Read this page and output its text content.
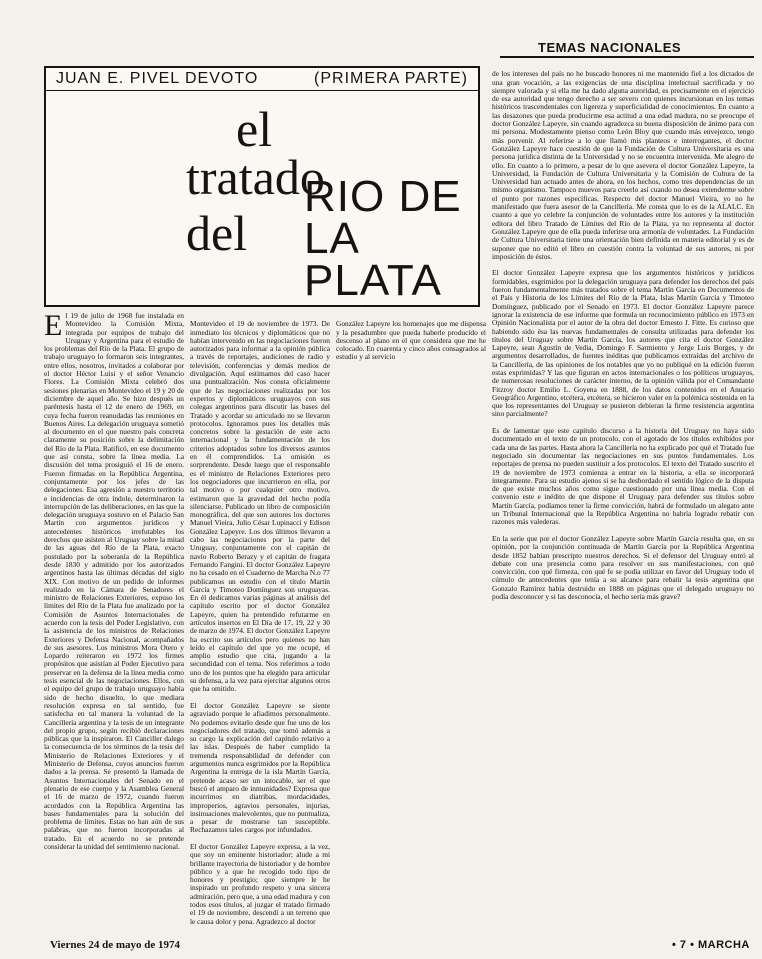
TEMAS NACIONALES
JUAN E. PIVEL DEVOTO	(PRIMERA PARTE)
el
tratado
del
RIO DE LA PLATA
El 19 de julio de 1968 fue instalada en Montevideo la Comisión Mixta, integrada por equipos de trabajo del Uruguay y Argentina para el estudio de los problemas del Río de la Plata. El grupo de trabajo uruguayo lo formaron seis integrantes, entre ellos, nosotros, invitados a colaborar por el doctor Héctor Luisi y el señor Venancio Flores. La Comisión Mixta celebró dos sesiones plenarias en Montevideo el 19 y 20 de diciembre de aquel año. Se hizo después un paréntesis hasta el 12 de enero de 1969, en cuya fecha fueron reanudadas las reuniones en Buenos Aires. La delegación uruguaya sometió al documento en el que nuestro país concreta claramente su posición sobre la delimitación del Río de la Plata. Ratificó, en ese documento que así consta, sobre la línea media. La discusión del tema prosiguió el 16 de enero. Fueron firmadas en la República Argentina, conjuntamente por los jefes de las delegaciones. Esa agresión a nuestro territorio e incidencias de otra índole, determinaron la interrupción de las deliberaciones, en las que la delegación uruguaya sostuvo en el Palacio San Martín con argumentos jurídicos y antecedentes históricos irrefutables los derechos que asisten al Uruguay sobre la mitad de las aguas del Río de la Plata, exacto postulado por la soberanía de la República desde 1830 y admitido por los autorizados argentinos hasta las últimas décadas del siglo XIX. Con motivo de un pedido de informes realizado en la Cámara de Senadores el ministro de Relaciones Exteriores, expuso los límites del Río de la Plata fue analizado por la Comisión de Asuntos Internacionales de acuerdo con la tesis del Poder Legislativo, con la asistencia de los ministros de Relaciones Exteriores y Defensa Nacional, acompañados de sus asesores. Los ministros Mora Otero y Lopardo reiteraron en 1972 los firmes propósitos que asistían al Poder Ejecutivo para preservar en la defensa de la línea media como tesis esencial de las negociaciones. Ellos, con el equipo del grupo de trabajo uruguayo había sido de hecho disuelto, lo que mediara resolución expresa en tal sentido, fue satisfecha en tal manera la voluntad de la Cancillería argentina y la tesis de un integrante del propio grupo, según recibió declaraciones públicas que la inspiraron. El Canciller dalego la consecuencia de los términos de la tesis del Ministerio de Relaciones Exteriores y el Ministerio de Defensa, cuyos anuncios fueron dados a la prensa. Se presentó la llamada de Asuntos Internacionales del Senado en el plenario de ese cuerpo y la Asamblea General el 16 de marzo de 1972, cuando fueron acordados con la República Argentina las bases fundamentales para la solución del problema de límites. Estas no han aún de sus palabras, que no fueron incorporadas al tratado. En el acuerdo no se pretende considerar la unidad del sentimiento nacional.

Montevideo el 19 de noviembre de 1973. De inmediato los técnicos y diplomáticos que no habían intervenido en las negociaciones fueron autorizados para informar a la opinión pública a través de reportajes, audiciones de radio y televisión, conferencias y demás medios de divulgación. Aquí estimamos del caso hacer una puntualización. Nos consta oficialmente que de las negociaciones realizadas por los expertos y diplomáticos uruguayos con sus colegas argentinos para discutir las bases del Tratado y acordar su articulado no se llevaron protocolos. Ignoramos pues los detalles más concretos sobre la gestación de este acto internacional y la fundamentación de los criterios adoptados sobre los diversos asuntos en él comprendidos. La omisión es sorprendente. Desde luego que el responsable es el ministro de Relaciones Exteriores pero los negociadores que incurrieron en ella, por tal motivo o por cualquier otro motivo, estimaron que la gravedad del hecho podía silenciarse. Publicado un libro de composición monográfica, del que son autores los doctores Manuel Vieira, Julio César Lupinacci y Edison González Lapeyre. Los dos últimos llevaron a cabo las negociaciones por la parte del Uruguay, conjuntamente con el capitán de navío Roberto Berazy y el capitán de fragata Fernando Fangini. El doctor González Lapeyre no ha cesado en el Cuaderno de Marcha N.o 77 publicamos un estudio con el título Martín García y Timoteo Domínguez son uruguayas. En él dedicamos varias páginas al análisis del capítulo escrito por el doctor González Lapeyre, quien ha pretendido refutarme en artículos insertos en El Día de 17, 19, 22 y 30 de marzo de 1974. El doctor González Lapeyre ha escrito sus artículos pero quienes no han leído el capítulo del que yo me ocupé, el amplio estudio que cita, jugando a la secundidad con el tema. Nos referimos a todo uno de los puntos que ha elegido para articular su defensa, a la vez para ejercitar algunos otros que ha omitido.

El doctor González Lapeyre se siente agraviado porque le afiadimos personalmente. No podemos evitarlo desde que fue uno de los negociadores del tratado, que tomó además a su cargo la explicación del capítulo relativo a las islas. Después de haber cumplido la tremenda responsabilidad de defender con argumentos nunca esgrimidos por la República Argentina la entrega de la isla Martín García, pretende acaso ser un intocable, ser el que buscó el amparo de inmunidades? Expresa que incurrimos en diatribas, mordacidades, improperios, agravios personales, injurias, insinuaciones malevolentes, que no puntualiza, a pesar de mostrarse tan susceptible. Rechazamos tales cargos por infundados.

El doctor González Lapeyre expresa, a la vez, que soy un eminente historiador; alude a mi brillante trayectoria de historiador y de hombre público y a que he recogido todo tipo de honores y prestigio; que siempre le he inspirado un profundo respeto y una sincera admiración, pero que, a una edad madura y con todos esos títulos, al juzgar el tratado firmado el 19 de noviembre, descendí a un terreno que le causa dolor y pena. Agradezco al doctor

González Lapeyre los homenajes que me dispensa y la pesadumbre que pueda haberle producido el descenso al plano en el que considera que me he colocado. En cuarenta y cinco años consagrados al estudio y al servicio

de los intereses del país no he buscado honores ni me mantenido fiel a los dictados de una gran vocación, a las exigencias de una disciplina intelectual sacrificada y no siempre valorada y si ella me ha dado alguna autoridad, es precisamente en el ejercicio de esa autoridad que tengo derecho a ser severo con quienes incursionan en los temas históricos trascendentales con ligereza y superficialidad de conocimientos. En cuanto a las desazones que pueda producirme esa actitud a una edad madura, no se preocupe el doctor González Lapeyre, sin cuando agradezca su buena disposición de ánimo para con mi persona. Modestamente pienso como León Bloy que cuando más envejezco, tengo más porvenir. Al referirse a lo que llamó mis planteos e interrogantes, el doctor González Lapeyre hace cuestión de que la Fundación de Cultura Universitaria es una persona jurídica distinta de la Universidad y no se encuentra intervenida. Me alegro de ello. En cuanto a lo primero, a pesar de lo que asevera el doctor González Lapeyre, la Universidad, la Fundación de Cultura Universitaria y la Comisión de Cultura de la Universidad han actuado antes de ahora, en los hechos, como tres dependencias de un mismo organismo. Tampoco muevos para creerlo así cuando no desea extenderme sobre el punto por razones específicas. Respecto del doctor Manuel Vieira, yo no he manifestado que fuera asesor de la Cancillería. Me consta que lo es de la ALALC. En cuanto a que yo celebre la conjunción de voluntades entre los autores y la institución editora del libro Tratado de Límites del Río de la Plata, ya no representa al doctor González Lapeyre que de ella pueda inferirse una armonía de voluntades. La Fundación de Cultura Universitaria tiene una orientación bien definida en materia editorial y es de suponer que no editó el libro en cuestión contra la voluntad de sus autores, ni por imposición de éstos.

El doctor González Lapeyre expresa que los argumentos históricos y jurídicos formidables, esgrimidos por la delegación uruguaya para defender los derechos del país fueron fundamentalmente más tratados sobre el tema Martín García en Documentos de el País y Historia de los Límites del Río de la Plata, Islas Martín García y Timoteo Domínguez, publicado por el Senado en 1973. El doctor González Lapeyre parece ignorar la existencia de ese informe que formula un reconocimiento público en 1973 en Opinión Nacionalista por el autor de la obra del doctor Ernesto J. Fitte. Es curioso que habiendo sido ésa las nuevas fundamentales de consulta utilizadas para defender los títulos del Uruguay sobre Martín García, los autores que cita el doctor González Lapeyre, sean Agustín de Vedia, Domingo F. Sarmiento y Jorge Luis Borges, y de argumentos desarrollados, de fuentes inéditas que publicamos extraídas del archivo de la Cancillería, de las opiniones de los notables que yo no publiqué en la edición fueron estas exprimidas? Y las que figuran en actos internacionales o los políticos uruguayos, de numerosas resoluciones de carácter interno, de la opinión válida por el Comandante Fitzroy doctor Emilio L. Goyena en 1888, de los datos contenidos en el Anuario Geográfico Argentino, etcétera, etcétera, se hicieron valer en la polémica sostenida en la que los representantes del Uruguay se pusieron debieran la firme resistencia argentina sino parcialmente?

Es de lamentar que este capítulo discurso a la historia del Uruguay no haya sido documentado en el texto de un protocolo, con el agotado de los títulos exhibidos por cada una de las partes. Hasta ahora la Cancillería no ha explicado por qué el Tratado fue negociado sin documentar las negociaciones en sus puntos fundamentales. Los reportajes de prensa no pueden sustituir a los protocolos. El texto del Tratado suscrito el 19 de noviembre de 1973 comienza a entrar en la historia, a ella se incorporará íntegramente. Para su estudio ajenos si se ha desbordado el sentido lógico de la disputa de que existe muchos años como sigue cuestionado por una línea media. Con el convenio este e inédito de que dispone el Uruguay para defender sus títulos sobre Martín García, podíamos tener la firme convicción, habrá de formulado un alegato ante un Tribunal Internacional que la República Argentina no habría logrado rebatir con razones más valederas.

En la serie que por el doctor González Lapeyre sobre Martín García resulta que, en su opinión, por la conjunción continuada de Martín García por la República Argentina desde 1852 habían prescripto nuestros derechos. Si el defensor del Uruguay entró al debate con una presencia como para resolver en sus manifestaciones, con qué convicción, con qué firmeza, con qué fe se podía utilizar en favor del Uruguay todo el cúmulo de antecedentes que tenía a su alcance para rebatir la tesis argentina que Gonzalo Ramírez había destruido en 1888 en páginas que el delegado uruguayo no podía desconocer y si las desconocía, el hecho sería más grave?

Viernes 24 de mayo de 1974	• 7 • MARCHA
